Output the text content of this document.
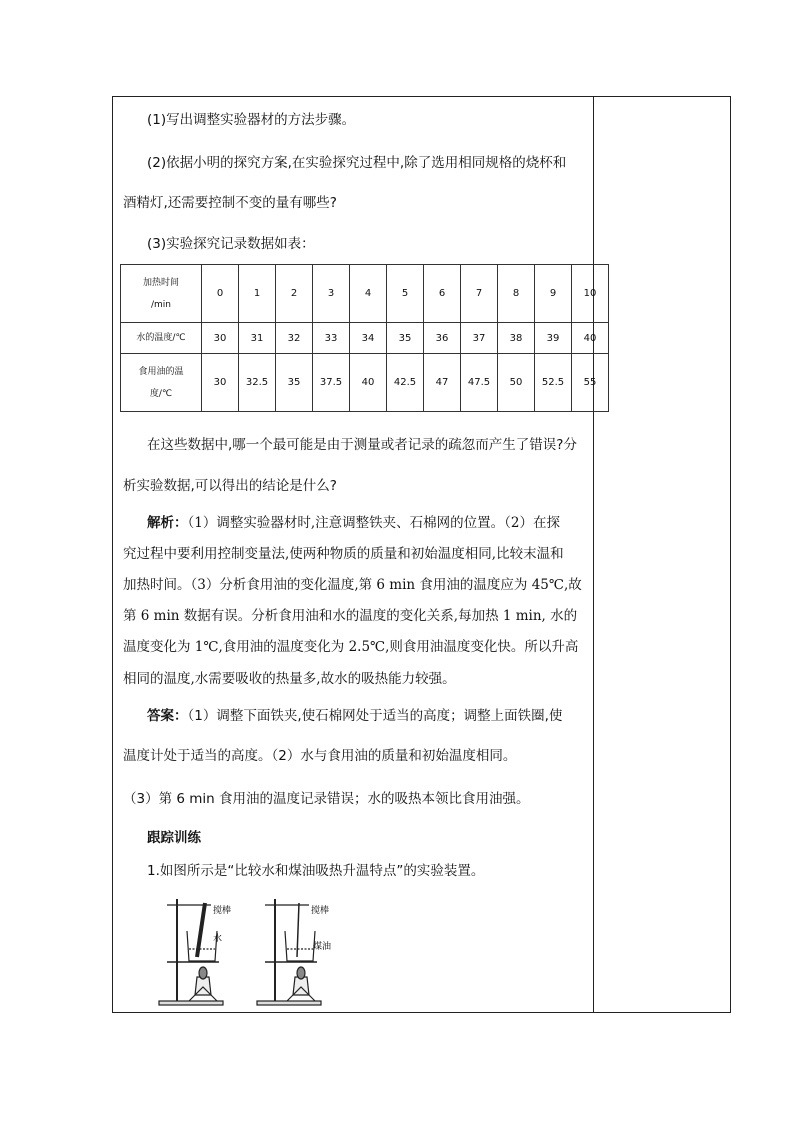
(1)写出调整实验器材的方法步骤。
(2)依据小明的探究方案,在实验探究过程中,除了选用相同规格的烧杯和
酒精灯,还需要控制不变的量有哪些?
(3)实验探究记录数据如表：
加热时间
/min	0	1	2	3	4	5	6	7	8	9	10

水的温度/℃	30	31	32	33	34	35	36	37	38	39	40

食用油的温
度/℃	30	32.5	35	37.5	40	42.5	47	47.5	50	52.5	55
在这些数据中,哪一个最可能是由于测量或者记录的疏忽而产生了错误?分
析实验数据,可以得出的结论是什么?
解析：（1）调整实验器材时,注意调整铁夹、石棉网的位置。（2）在探
究过程中要利用控制变量法,使两种物质的质量和初始温度相同,比较末温和
加热时间。（3）分析食用油的变化温度,第 6 min 食用油的温度应为 45℃,故
第 6 min 数据有误。分析食用油和水的温度的变化关系,每加热 1 min, 水的
温度变化为 1℃,食用油的温度变化为 2.5℃,则食用油温度变化快。所以升高
相同的温度,水需要吸收的热量多,故水的吸热能力较强。
答案：（1）调整下面铁夹,使石棉网处于适当的高度；调整上面铁圈,使
温度计处于适当的高度。（2）水与食用油的质量和初始温度相同。
（3）第 6 min 食用油的温度记录错误；水的吸热本领比食用油强。
跟踪训练
1.如图所示是“比较水和煤油吸热升温特点”的实验装置。
搅棒
水
搅棒
煤油
